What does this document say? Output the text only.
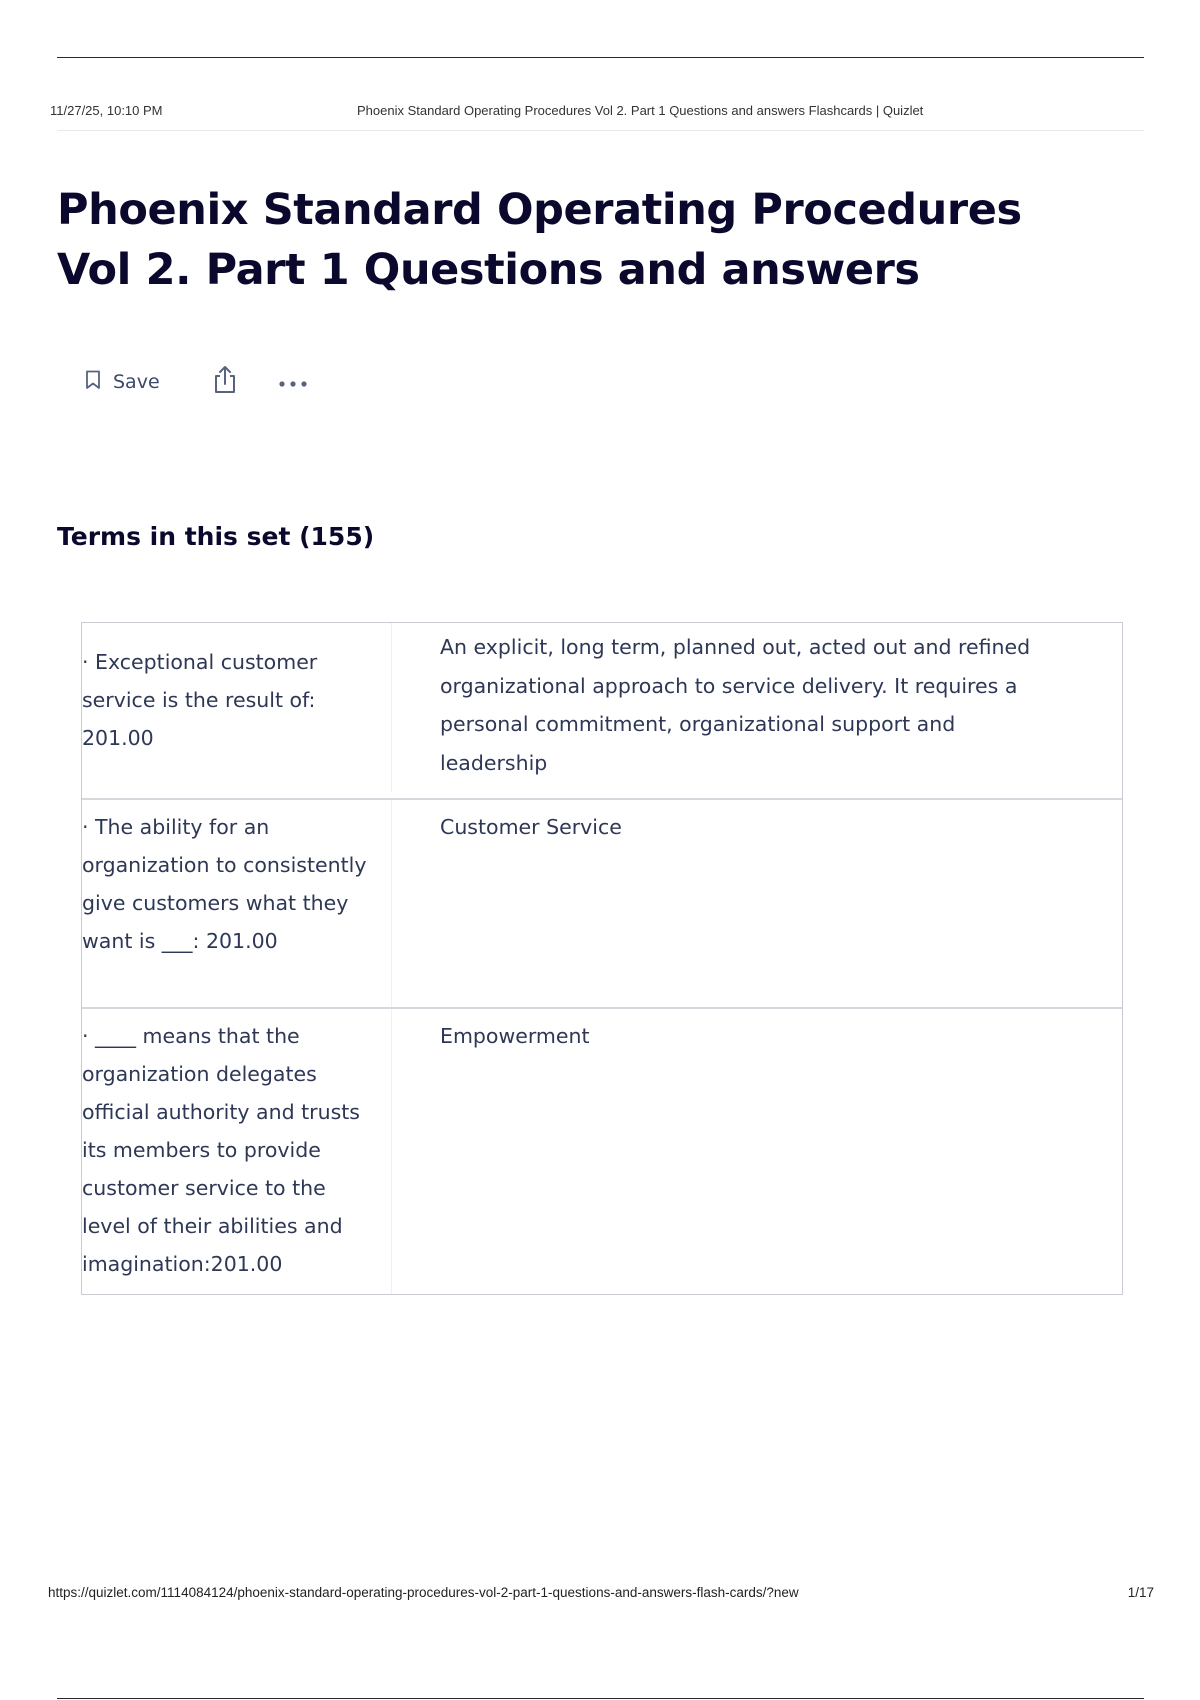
11/27/25, 10:10 PM	Phoenix Standard Operating Procedures Vol 2. Part 1 Questions and answers Flashcards | Quizlet
Phoenix Standard Operating Procedures Vol 2. Part 1 Questions and answers
Save
Terms in this set (155)
· Exceptional customer service is the result of: 201.00
An explicit, long term, planned out, acted out and refined organizational approach to service delivery. It requires a personal commitment, organizational support and leadership
· The ability for an organization to consistently give customers what they want is ___: 201.00
Customer Service
· ____ means that the organization delegates official authority and trusts its members to provide customer service to the level of their abilities and imagination:201.00
Empowerment
https://quizlet.com/1114084124/phoenix-standard-operating-procedures-vol-2-part-1-questions-and-answers-flash-cards/?new	1/17
